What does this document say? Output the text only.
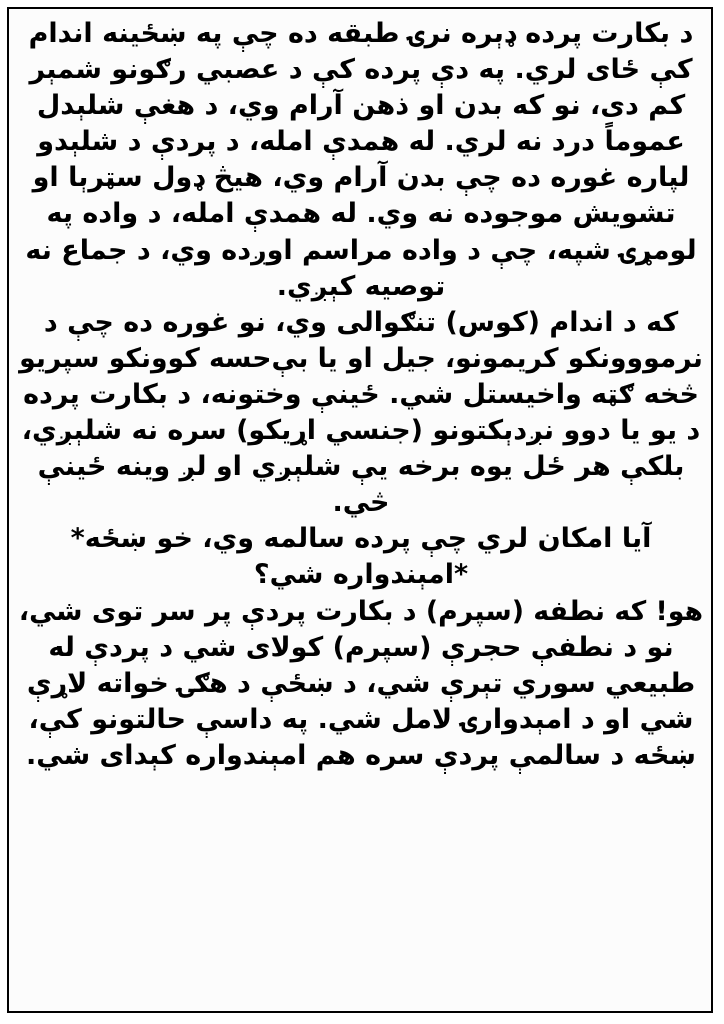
د بکارت پرده ډېره نرۍ طبقه ده چې په ښځینه اندام
کې ځای لري. په دې پرده کې د عصبي رګونو شمېر
کم دی، نو که بدن او ذهن آرام وي، د هغې شلېدل
عموماً درد نه لري. له همدې امله، د پردې د شلېدو
لپاره غوره ده چې بدن آرام وي، هیڅ ډول سټرېا او
تشویش موجوده نه وي. له همدې امله، د واده په
لومړۍ شپه، چې د واده مراسم اوږده وي، د جماع نه
توصیه کېږي.
که د اندام (کوس) تنګوالی وي، نو غوره ده چې د
نرمووونکو کریمونو، جیل او یا بې‌حسه کوونکو سپریو
څخه ګټه واخیستل شي. ځینې وختونه، د بکارت پرده
د یو یا دوو نږدېکتونو (جنسي اړیکو) سره نه شلېږي،
بلکې هر ځل یوه برخه یې شلېږي او لږ وینه ځینې
څي.
آیا امکان لري چې پرده سالمه وي، خو ښځه*
*امېندواره شي؟
هو! که نطفه (سپرم) د بکارت پردې پر سر توی شي،
نو د نطفې حجرې (سپرم) کولای شي د پردې له
طبیعي سوري تېرې شي، د ښځې د هګۍ خواته لاړې
شي او د امېدوارۍ لامل شي. په داسې حالتونو کې،
ښځه د سالمې پردې سره هم امېندواره کېدای شي.
